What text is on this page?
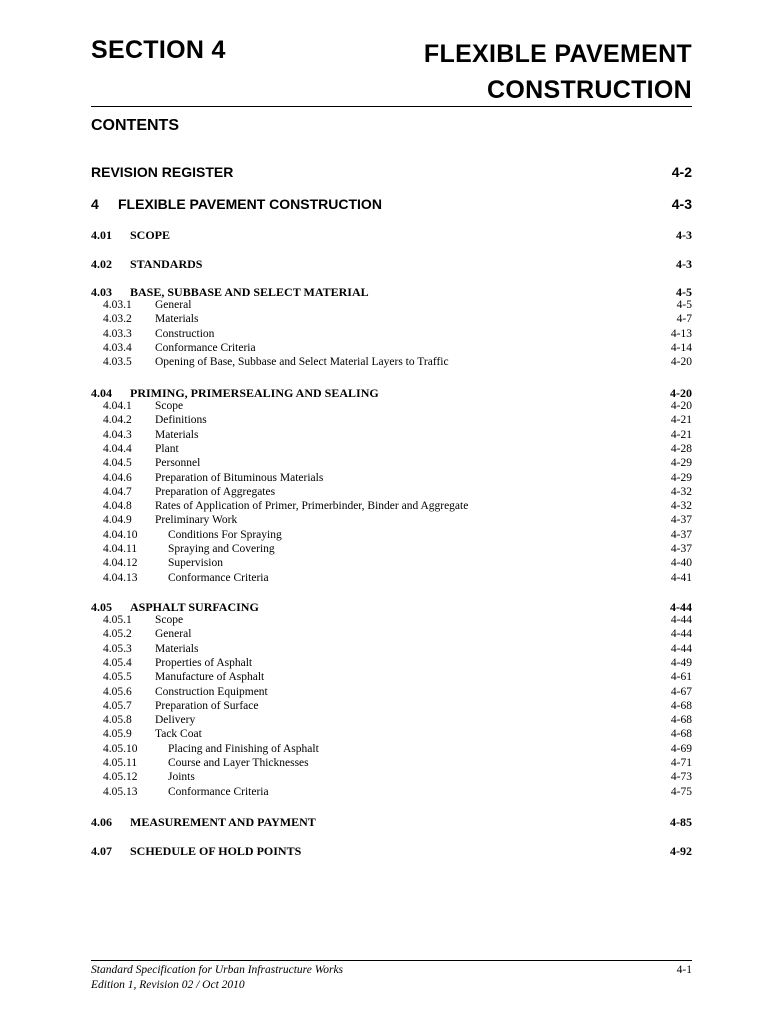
SECTION 4	FLEXIBLE PAVEMENT
CONSTRUCTION
CONTENTS
REVISION REGISTER	4-2
4 FLEXIBLE PAVEMENT CONSTRUCTION	4-3
4.01 SCOPE	4-3
4.02 STANDARDS	4-3
4.03 BASE, SUBBASE AND SELECT MATERIAL	4-5
4.03.1 General	4-5
4.03.2 Materials	4-7
4.03.3 Construction	4-13
4.03.4 Conformance Criteria	4-14
4.03.5 Opening of Base, Subbase and Select Material Layers to Traffic	4-20
4.04 PRIMING, PRIMERSEALING AND SEALING	4-20
4.04.1 Scope	4-20
4.04.2 Definitions	4-21
4.04.3 Materials	4-21
4.04.4 Plant	4-28
4.04.5 Personnel	4-29
4.04.6 Preparation of Bituminous Materials	4-29
4.04.7 Preparation of Aggregates	4-32
4.04.8 Rates of Application of Primer, Primerbinder, Binder and Aggregate	4-32
4.04.9 Preliminary Work	4-37
4.04.10	Conditions For Spraying	4-37
4.04.11	Spraying and Covering	4-37
4.04.12	Supervision	4-40
4.04.13	Conformance Criteria	4-41
4.05 ASPHALT SURFACING	4-44
4.05.1 Scope	4-44
4.05.2 General	4-44
4.05.3 Materials	4-44
4.05.4 Properties of Asphalt	4-49
4.05.5 Manufacture of Asphalt	4-61
4.05.6 Construction Equipment	4-67
4.05.7 Preparation of Surface	4-68
4.05.8 Delivery	4-68
4.05.9 Tack Coat	4-68
4.05.10	Placing and Finishing of Asphalt	4-69
4.05.11	Course and Layer Thicknesses	4-71
4.05.12	Joints	4-73
4.05.13	Conformance Criteria	4-75
4.06 MEASUREMENT AND PAYMENT	4-85
4.07 SCHEDULE OF HOLD POINTS	4-92
Standard Specification for Urban Infrastructure Works
Edition 1, Revision 02 / Oct 2010
4-1
